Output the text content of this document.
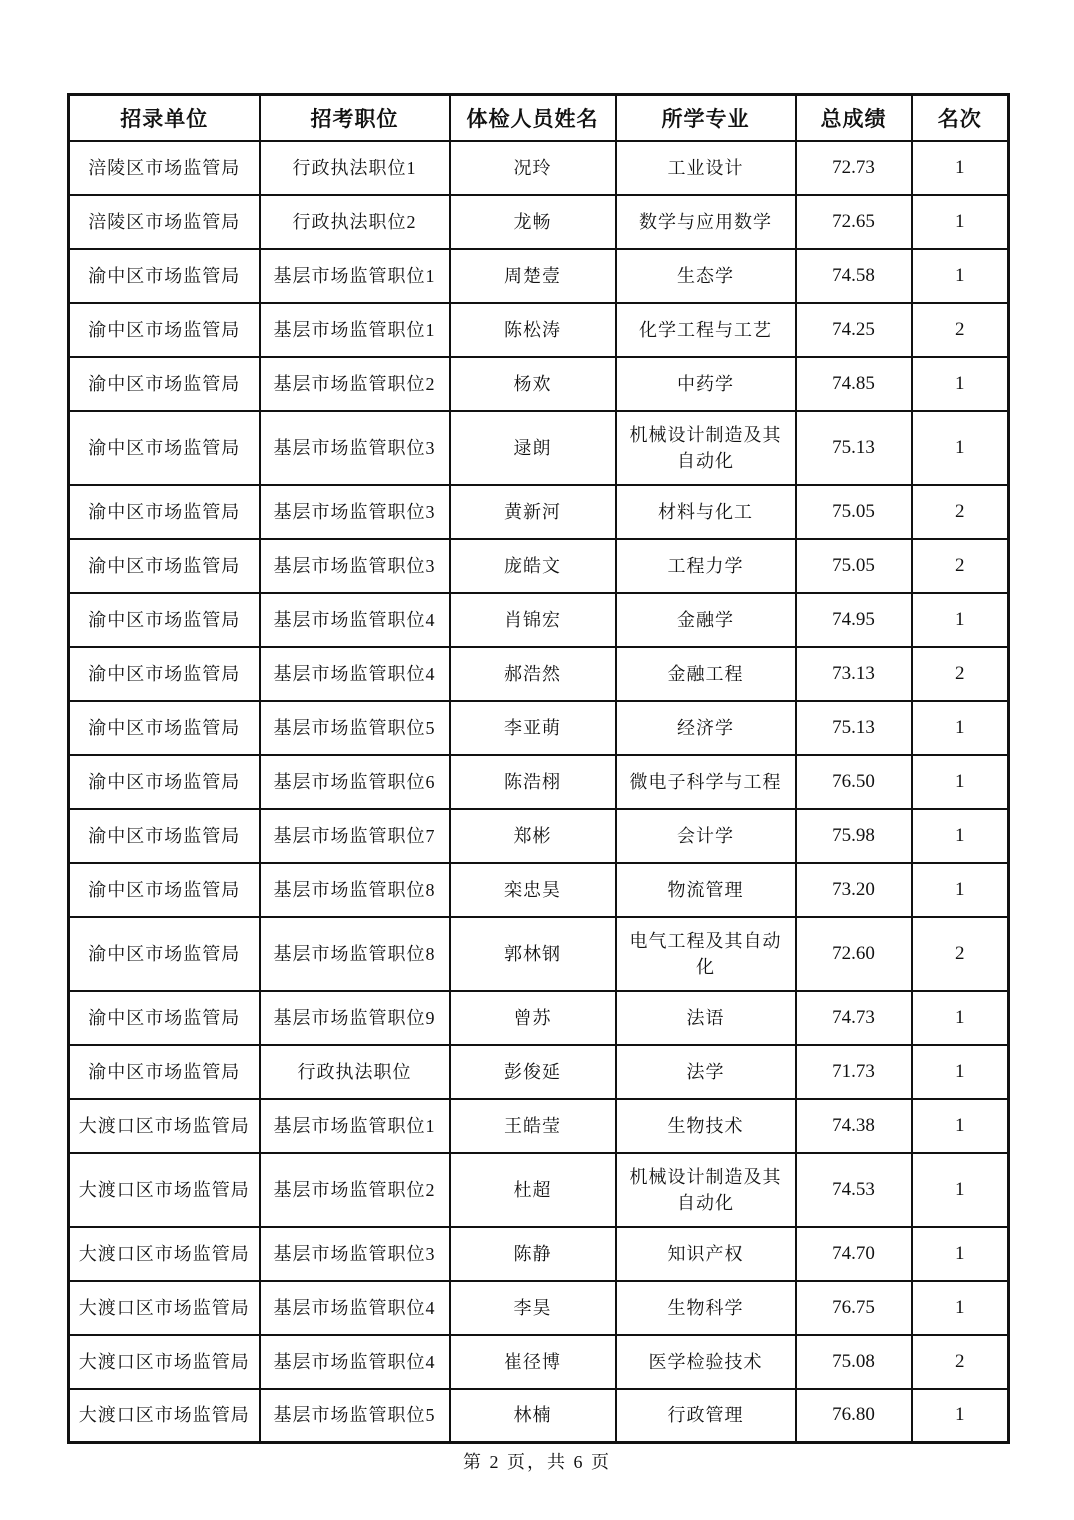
招录单位	招考职位	体检人员姓名	所学专业	总成绩	名次
涪陵区市场监管局	行政执法职位1	况玲	工业设计	72.73	1
涪陵区市场监管局	行政执法职位2	龙畅	数学与应用数学	72.65	1
渝中区市场监管局	基层市场监管职位1	周楚壹	生态学	74.58	1
渝中区市场监管局	基层市场监管职位1	陈松涛	化学工程与工艺	74.25	2
渝中区市场监管局	基层市场监管职位2	杨欢	中药学	74.85	1
渝中区市场监管局	基层市场监管职位3	逯朗	机械设计制造及其自动化	75.13	1
渝中区市场监管局	基层市场监管职位3	黄新河	材料与化工	75.05	2
渝中区市场监管局	基层市场监管职位3	庞皓文	工程力学	75.05	2
渝中区市场监管局	基层市场监管职位4	肖锦宏	金融学	74.95	1
渝中区市场监管局	基层市场监管职位4	郝浩然	金融工程	73.13	2
渝中区市场监管局	基层市场监管职位5	李亚萌	经济学	75.13	1
渝中区市场监管局	基层市场监管职位6	陈浩栩	微电子科学与工程	76.50	1
渝中区市场监管局	基层市场监管职位7	郑彬	会计学	75.98	1
渝中区市场监管局	基层市场监管职位8	栾忠昊	物流管理	73.20	1
渝中区市场监管局	基层市场监管职位8	郭林钢	电气工程及其自动化	72.60	2
渝中区市场监管局	基层市场监管职位9	曾苏	法语	74.73	1
渝中区市场监管局	行政执法职位	彭俊延	法学	71.73	1
大渡口区市场监管局	基层市场监管职位1	王皓莹	生物技术	74.38	1
大渡口区市场监管局	基层市场监管职位2	杜超	机械设计制造及其自动化	74.53	1
大渡口区市场监管局	基层市场监管职位3	陈静	知识产权	74.70	1
大渡口区市场监管局	基层市场监管职位4	李昊	生物科学	76.75	1
大渡口区市场监管局	基层市场监管职位4	崔径博	医学检验技术	75.08	2
大渡口区市场监管局	基层市场监管职位5	林楠	行政管理	76.80	1
第 2 页，共 6 页
